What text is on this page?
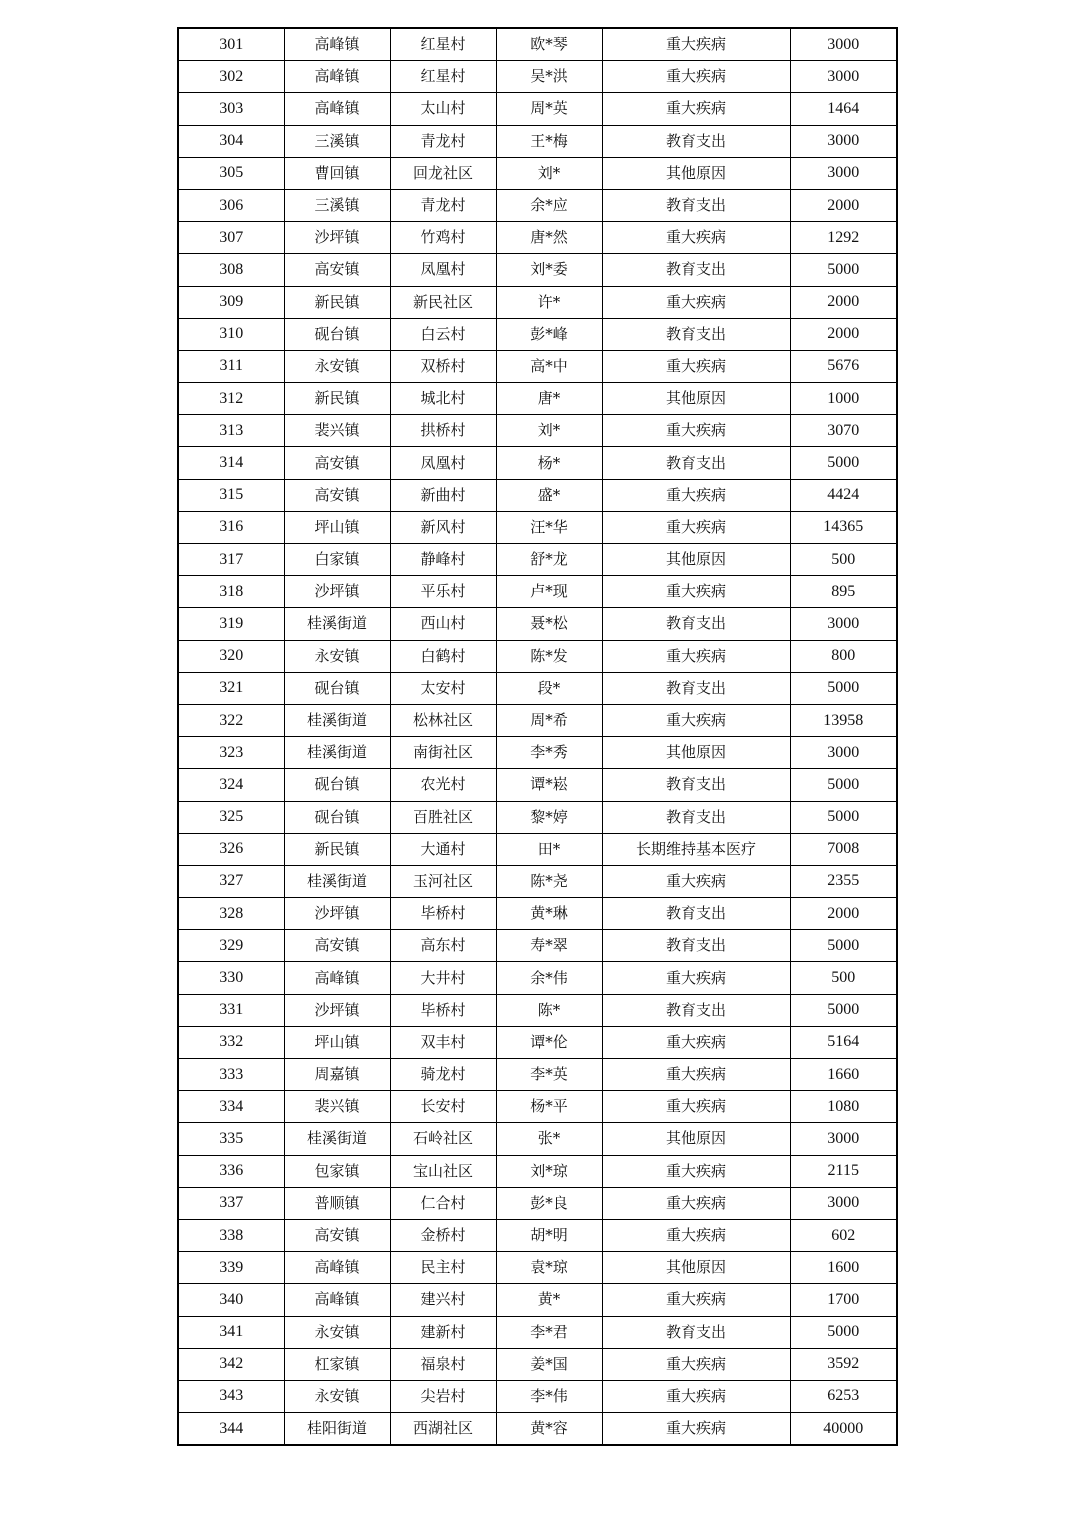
301	高峰镇	红星村	欧*琴	重大疾病	3000
302	高峰镇	红星村	吴*洪	重大疾病	3000
303	高峰镇	太山村	周*英	重大疾病	1464
304	三溪镇	青龙村	王*梅	教育支出	3000
305	曹回镇	回龙社区	刘*	其他原因	3000
306	三溪镇	青龙村	余*应	教育支出	2000
307	沙坪镇	竹鸡村	唐*然	重大疾病	1292
308	高安镇	凤凰村	刘*委	教育支出	5000
309	新民镇	新民社区	许*	重大疾病	2000
310	砚台镇	白云村	彭*峰	教育支出	2000
311	永安镇	双桥村	高*中	重大疾病	5676
312	新民镇	城北村	唐*	其他原因	1000
313	裴兴镇	拱桥村	刘*	重大疾病	3070
314	高安镇	凤凰村	杨*	教育支出	5000
315	高安镇	新曲村	盛*	重大疾病	4424
316	坪山镇	新风村	汪*华	重大疾病	14365
317	白家镇	静峰村	舒*龙	其他原因	500
318	沙坪镇	平乐村	卢*现	重大疾病	895
319	桂溪街道	西山村	聂*松	教育支出	3000
320	永安镇	白鹤村	陈*发	重大疾病	800
321	砚台镇	太安村	段*	教育支出	5000
322	桂溪街道	松林社区	周*希	重大疾病	13958
323	桂溪街道	南街社区	李*秀	其他原因	3000
324	砚台镇	农光村	谭*崧	教育支出	5000
325	砚台镇	百胜社区	黎*婷	教育支出	5000
326	新民镇	大通村	田*	长期维持基本医疗	7008
327	桂溪街道	玉河社区	陈*尧	重大疾病	2355
328	沙坪镇	毕桥村	黄*琳	教育支出	2000
329	高安镇	高东村	寿*翠	教育支出	5000
330	高峰镇	大井村	余*伟	重大疾病	500
331	沙坪镇	毕桥村	陈*	教育支出	5000
332	坪山镇	双丰村	谭*伦	重大疾病	5164
333	周嘉镇	骑龙村	李*英	重大疾病	1660
334	裴兴镇	长安村	杨*平	重大疾病	1080
335	桂溪街道	石岭社区	张*	其他原因	3000
336	包家镇	宝山社区	刘*琼	重大疾病	2115
337	普顺镇	仁合村	彭*良	重大疾病	3000
338	高安镇	金桥村	胡*明	重大疾病	602
339	高峰镇	民主村	袁*琼	其他原因	1600
340	高峰镇	建兴村	黄*	重大疾病	1700
341	永安镇	建新村	李*君	教育支出	5000
342	杠家镇	福泉村	姜*国	重大疾病	3592
343	永安镇	尖岩村	李*伟	重大疾病	6253
344	桂阳街道	西湖社区	黄*容	重大疾病	40000
